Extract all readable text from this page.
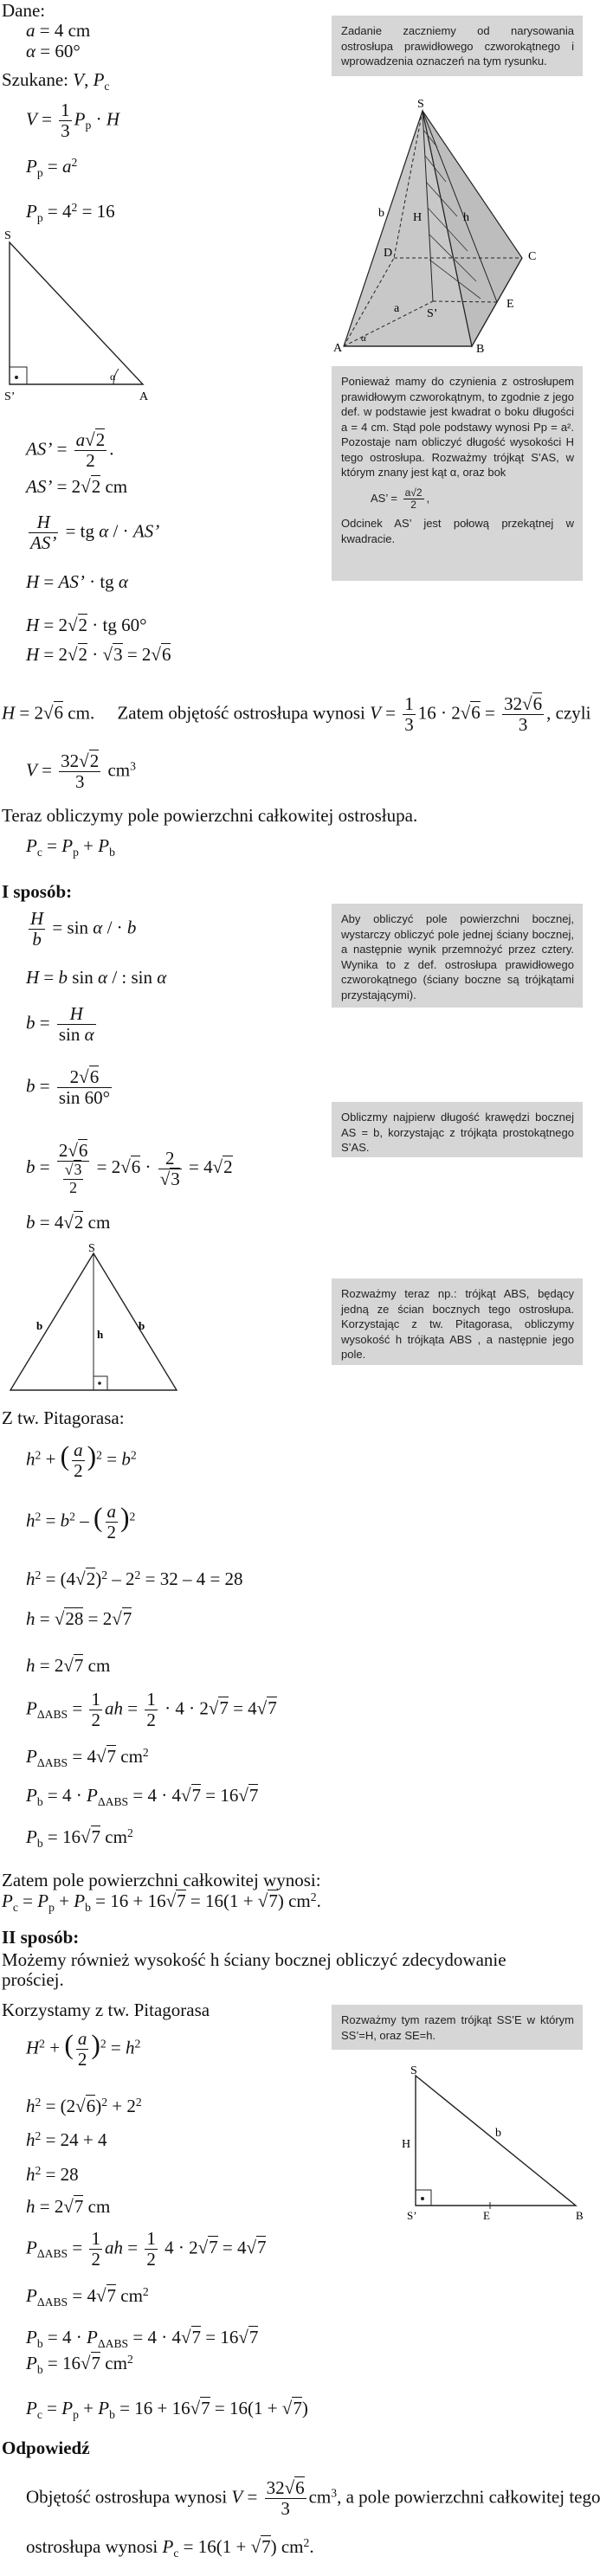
Dane:
a = 4 cm
α = 60°
Szukane: V, $P_c$
$V = \frac{1}{3} P_p \cdot H$
$P_p = a^2$
$P_p = 4^2 = 16$
Zadanie zaczniemy od narysowania ostrosłupa prawidłowego czworokątnego i wprowadzenia oznaczeń na tym rysunku.
S
b H	h
D	C
a	E
A
S’
B
α
S
S’	A
α	Ponieważ mamy do czynienia z ostrosłupem prawidłowym czworokątnym, to zgodnie z jego def. w podstawie jest kwadrat o boku długości a = 4 cm. Stąd pole podstawy wynosi Pp = a². Pozostaje nam obliczyć długość wysokości H tego ostrosłupa. Rozważmy trójkąt S’AS, w którym znany jest kąt α, oraz bok
AS’ = $\frac{a√2}{2}$ ,
Odcinek AS’ jest połową przekątnej w kwadracie.
AS’ = $\frac{a√2}{2}$ .
AS’ = 2√2 cm
$\frac{H}{AS’}$ = tg α / · AS’
H = AS’ · tg α
H = 2√2 · tg 60°
H = 2√2 · √3 = 2√6
H = 2√6 cm.     Zatem objętość ostrosłupa wynosi $V = \frac{1}{3} 16 \cdot 2√6 = \frac{32√6}{3}$ , czyli
$V = \frac{32√2}{3} cm^3$
Teraz obliczymy pole powierzchni całkowitej ostrosłupa.
$P_c = P_p + P_b$
I sposób:
Aby obliczyć pole powierzchni bocznej, wystarczy obliczyć pole jednej ściany bocznej, a następnie wynik przemnożyć przez cztery. Wynika to z def. ostrosłupa prawidłowego czworokątnego (ściany boczne są trójkątami przystającymi).
$\frac{H}{b} = \sin \alpha$ / · b
H = b sin α / : sin α
$b = \frac{H}{\text{sin α}}$
$b = \frac{2√6}{\sin 60^\circ}$
Obliczmy najpierw długość krawędzi bocznej AS = b, korzystając z trójkąta prostokątnego S’AS.
$b = \frac{2√6}{\frac{√3}{2}} = 2√6 \cdot \frac{2}{√3} = 4√2$
b = 4√2 cm
S
b	b
h
Rozważmy teraz np.: trójkąt ABS, będący jedną ze ścian bocznych tego ostrosłupa. Korzystając z tw. Pitagorasa, obliczymy wysokość h trójkąta ABS , a następnie jego pole.
Z tw. Pitagorasa:
$h^2$ + ( $\frac{a}{2} )^2 = b^2$
$h^2 = b^2$ – ( $\frac{a}{2} )^2$
$h^2 = (4√2)^2 - 2^2 = 32 - 4 = 28$
h = √28 = 2√7
h = 2√7 cm
$P_{\Delta ABS} = \frac{1}{2}$ ah = $\frac{1}{2} \cdot 4 \cdot 2√7 = 4√7$
$P_{\Delta ABS} = 4√7$ $cm^2$
$P_b = 4 \cdot P_{\Delta ABS} = 4 \cdot 4√7 = 16√7$
$P_b = 16√7$ $cm^2$
Zatem pole powierzchni całkowitej wynosi:
$P_c = P_p + P_b = 16 + 16√7 = 16(1 + √7)$ $cm^2$.
II sposób:
Możemy również wysokość h ściany bocznej obliczyć zdecydowanie
prościej.
Korzystamy z tw. Pitagorasa	Rozważmy tym razem trójkąt SS’E w którym SS’=H, oraz SE=h.
$H^2$ + ( $\frac{a}{2} )^2 = h^2$
$h^2 = (2√6)^2 + 2^2$
$h^2 = 24 + 4$
$h^2 = 28$
h = 2√7 cm
S
H
b
S’	E	B
$P_{\Delta ABS} = \frac{1}{2}$ ah = $\frac{1}{2} 4 \cdot 2√7 = 4√7$
$P_{\Delta ABS} = 4√7$ $cm^2$
$P_b = 4 \cdot P_{\Delta ABS} = 4 \cdot 4√7 = 16√7$
$P_b = 16√7$ $cm^2$
$P_c = P_p + P_b = 16 + 16√7 = 16(1 + √7)$
Odpowiedź
Objętość ostrosłupa wynosi $V = \frac{32√6}{3} cm^3$, a pole powierzchni całkowitej tego
ostrosłupa wynosi $P_c = 16(1 + √7)$ $cm^2$.
